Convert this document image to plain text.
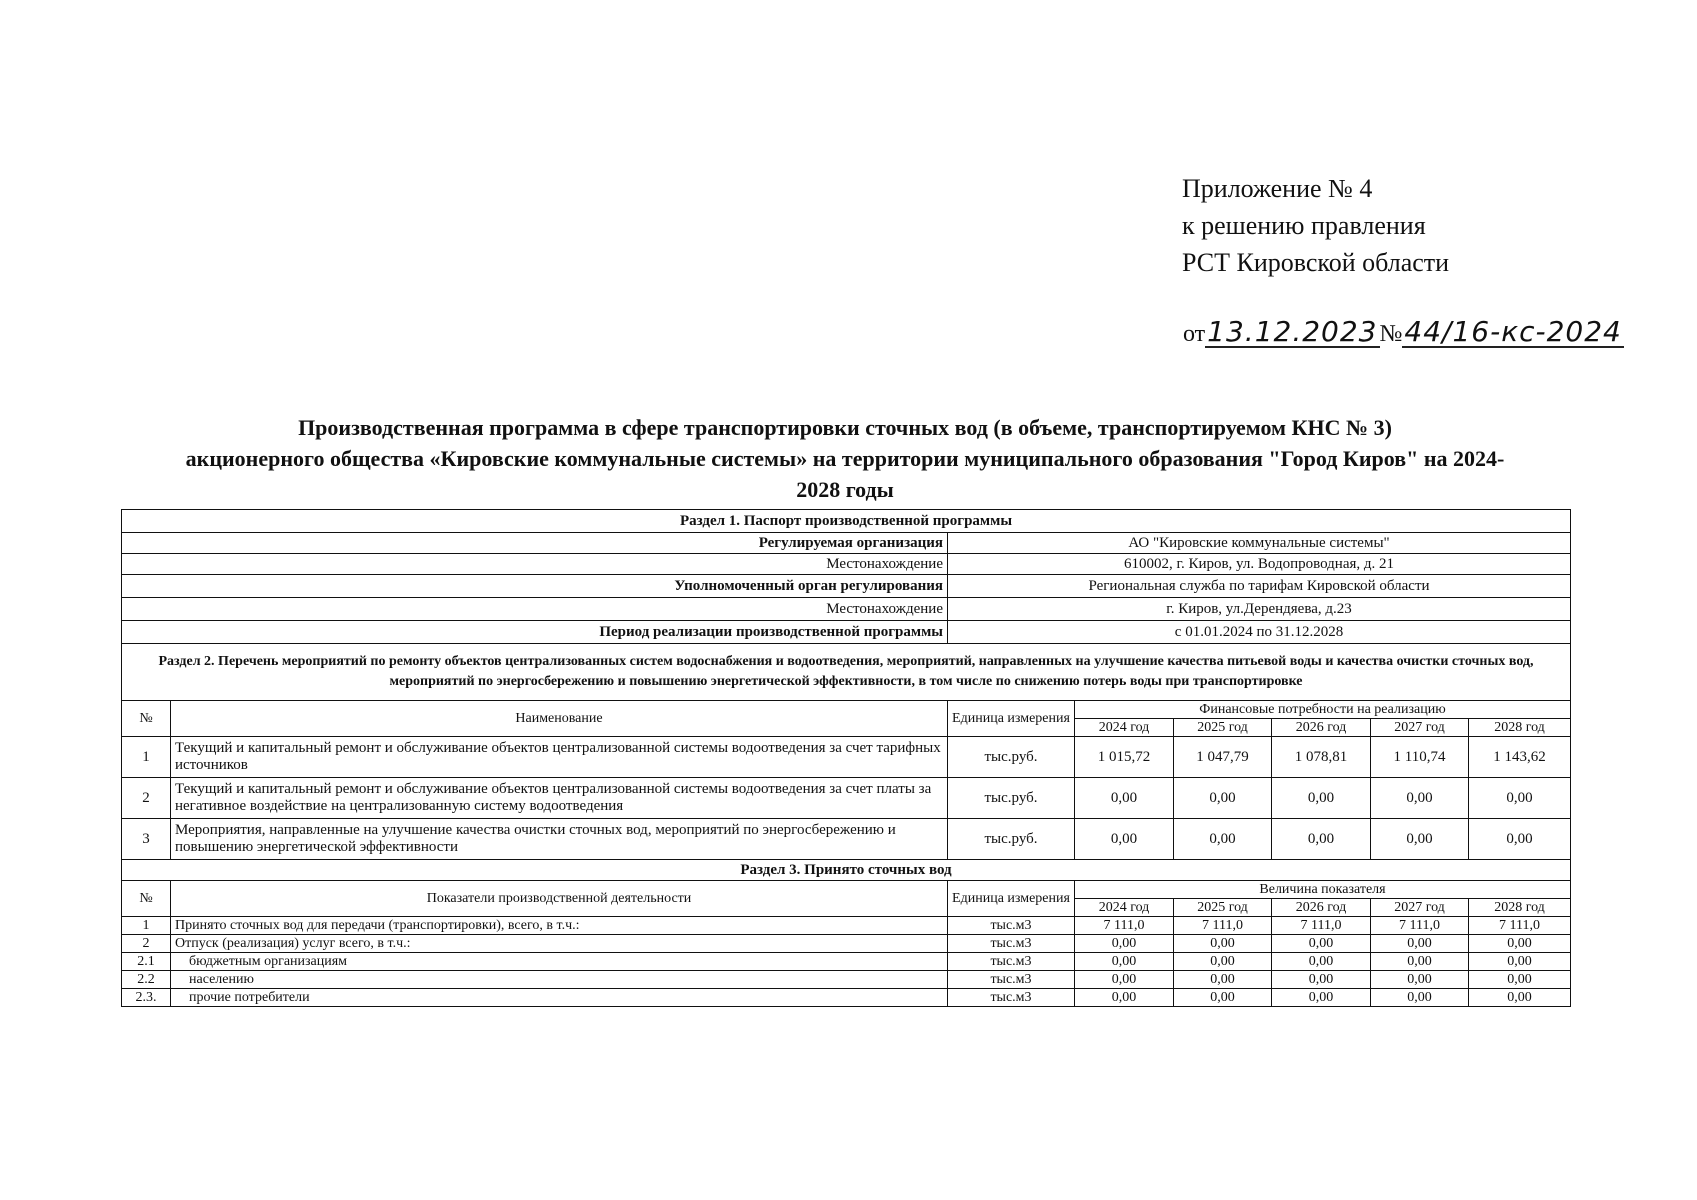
Приложение № 4
к решению правления
РСТ Кировской области
от13.12.2023№44/16-кс-2024
Производственная программа в сфере транспортировки сточных вод (в объеме, транспортируемом КНС № 3)
акционерного общества «Кировские коммунальные системы» на территории муниципального образования "Город Киров" на 2024-
2028 годы
Раздел 1. Паспорт производственной программы							
Регулируемая организация		АО "Кировские коммунальные системы"					
Местонахождение		610002, г. Киров, ул. Водопроводная, д. 21					
Уполномоченный орган регулирования		Региональная служба по тарифам Кировской области					
Местонахождение		г. Киров, ул.Дерендяева, д.23					
Период реализации производственной программы		с 01.01.2024 по 31.12.2028					
Раздел 2. Перечень мероприятий по ремонту объектов централизованных систем водоснабжения и водоотведения, мероприятий, направленных на улучшение качества питьевой воды и качества очистки сточных вод, мероприятий по энергосбережению и повышению энергетической эффективности, в том числе по снижению потерь воды при транспортировке							
№	Наименование	Единица измерения	Финансовые потребности на реализацию				
			2024 год	2025 год	2026 год	2027 год	2028 год
1	Текущий и капитальный ремонт и обслуживание объектов централизованной системы водоотведения за счет тарифных источников	тыс.руб.	1 015,72	1 047,79	1 078,81	1 110,74	1 143,62
2	Текущий и капитальный ремонт и обслуживание объектов централизованной системы водоотведения за счет платы за негативное воздействие на централизованную систему водоотведения	тыс.руб.	0,00	0,00	0,00	0,00	0,00
3	Мероприятия, направленные на улучшение качества очистки сточных вод, мероприятий по энергосбережению и повышению энергетической эффективности	тыс.руб.	0,00	0,00	0,00	0,00	0,00
Раздел 3. Принято сточных вод							
№	Показатели производственной деятельности	Единица измерения	Величина показателя				
			2024 год	2025 год	2026 год	2027 год	2028 год
1	Принято сточных вод для передачи (транспортировки), всего, в т.ч.:	тыс.м3	7 111,0	7 111,0	7 111,0	7 111,0	7 111,0
2	Отпуск (реализация) услуг всего, в т.ч.:	тыс.м3	0,00	0,00	0,00	0,00	0,00
2.1	бюджетным организациям	тыс.м3	0,00	0,00	0,00	0,00	0,00
2.2	населению	тыс.м3	0,00	0,00	0,00	0,00	0,00
2.3.	прочие потребители	тыс.м3	0,00	0,00	0,00	0,00	0,00
